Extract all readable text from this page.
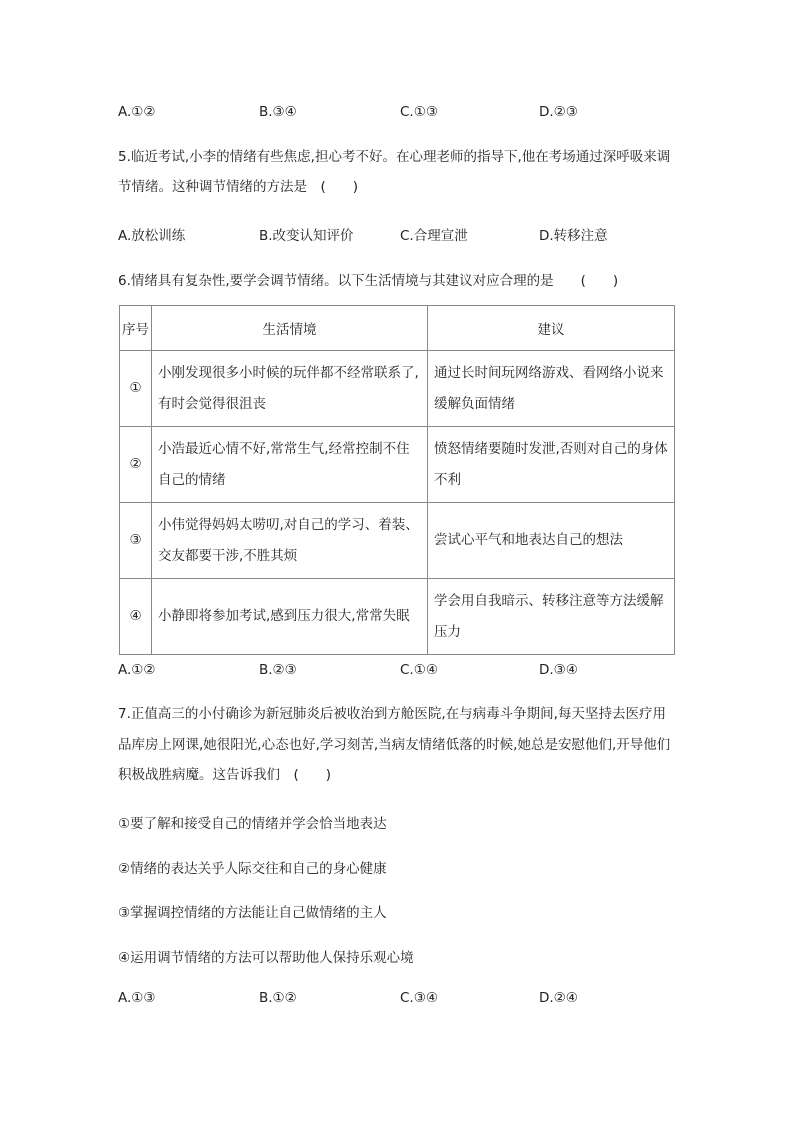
A.①②	B.③④	C.①③	D.②③
5.临近考试,小李的情绪有些焦虑,担心考不好。在心理老师的指导下,他在考场通过深呼吸来调节情绪。这种调节情绪的方法是　(　　)
A.放松训练	B.改变认知评价	C.合理宣泄	D.转移注意
6.情绪具有复杂性,要学会调节情绪。以下生活情境与其建议对应合理的是　　(　　)
序号	生活情境	建议
①	小刚发现很多小时候的玩伴都不经常联系了,有时会觉得很沮丧	通过长时间玩网络游戏、看网络小说来缓解负面情绪
②	小浩最近心情不好,常常生气,经常控制不住自己的情绪	愤怒情绪要随时发泄,否则对自己的身体不利
③	小伟觉得妈妈太唠叨,对自己的学习、着装、交友都要干涉,不胜其烦	尝试心平气和地表达自己的想法
④	小静即将参加考试,感到压力很大,常常失眠	学会用自我暗示、转移注意等方法缓解压力
A.①②	B.②③	C.①④	D.③④
7.正值高三的小付确诊为新冠肺炎后被收治到方舱医院,在与病毒斗争期间,每天坚持去医疗用品库房上网课,她很阳光,心态也好,学习刻苦,当病友情绪低落的时候,她总是安慰他们,开导他们积极战胜病魔。这告诉我们　(　　)
①要了解和接受自己的情绪并学会恰当地表达
②情绪的表达关乎人际交往和自己的身心健康
③掌握调控情绪的方法能让自己做情绪的主人
④运用调节情绪的方法可以帮助他人保持乐观心境
A.①③	B.①②	C.③④	D.②④
